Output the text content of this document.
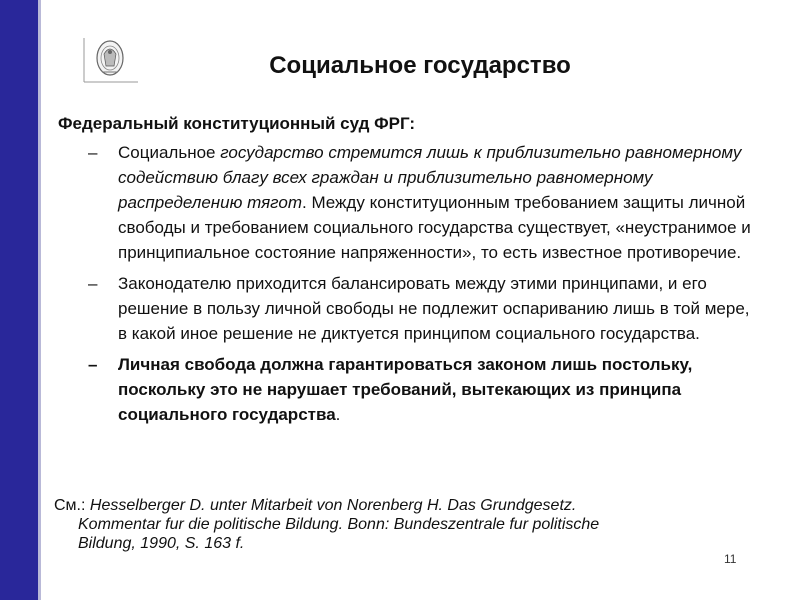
Социальное государство

Федеральный конституционный суд ФРГ:

– Социальное государство стремится лишь к приблизительно равномерному содействию благу всех граждан и приблизительно равномерному распределению тягот. Между конституционным требованием защиты личной свободы и требованием социального государства существует, «неустранимое и принципиальное состояние напряженности», то есть известное противоречие.
– Законодателю приходится балансировать между этими принципами, и его решение в пользу личной свободы не подлежит оспариванию лишь в той мере, в какой иное решение не диктуется принципом социального государства.
– Личная свобода должна гарантироваться законом лишь постольку, поскольку это не нарушает требований, вытекающих из принципа социального государства.

См.: Hesselberger D. unter Mitarbeit von Norenberg H. Das Grundgesetz.
Kommentar fur die politische Bildung. Bonn: Bundeszentrale fur politische
Bildung, 1990, S. 163 f.

11
